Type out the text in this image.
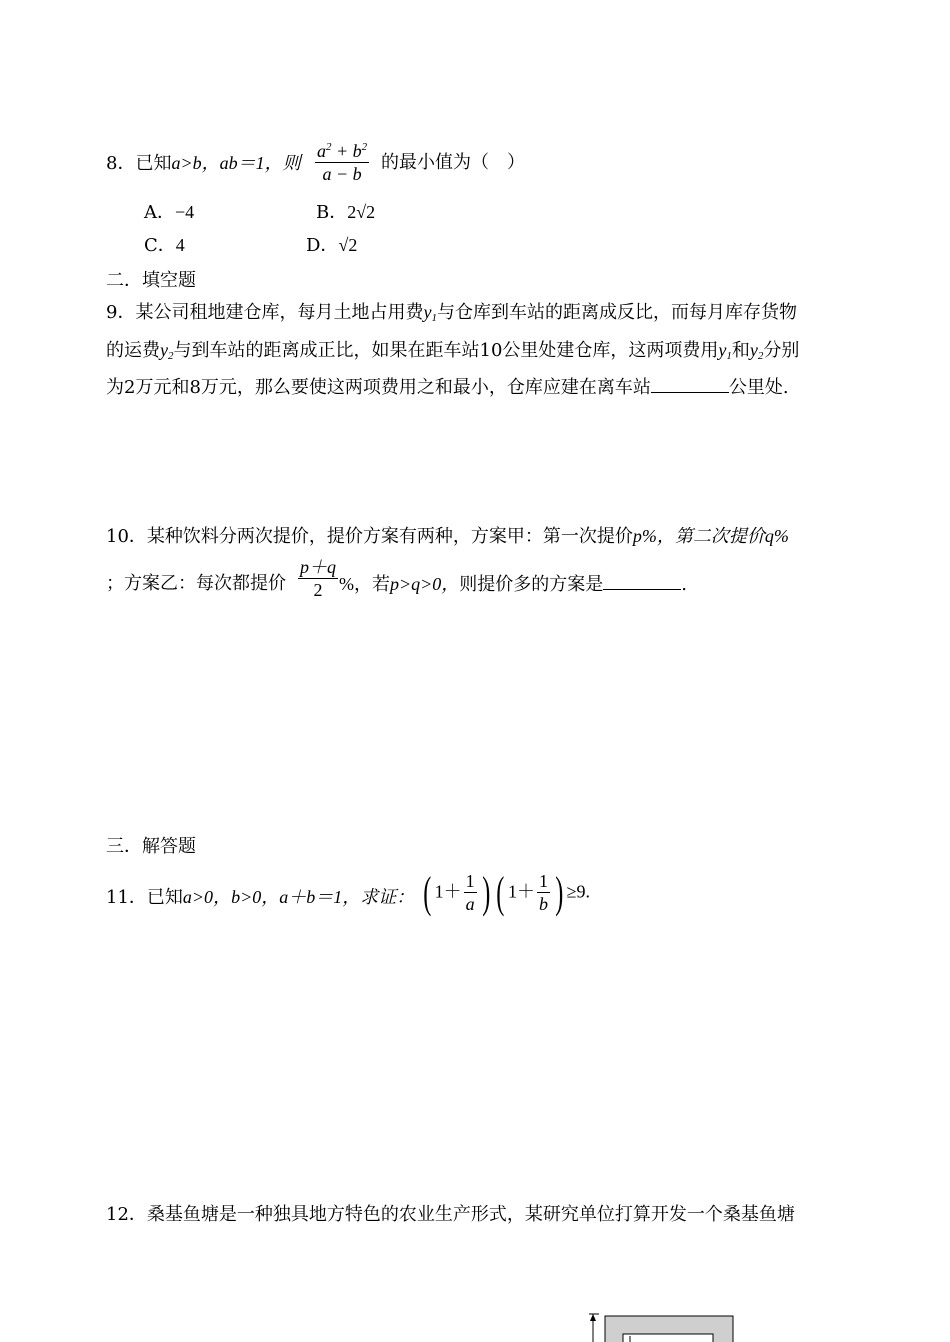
8．已知a>b，ab＝1，则 $\frac{a^2 + b^2}{a - b}$ 的最小值为（　）
A．−4	B．2√2
C．4	D．√2
二．填空题
9．某公司租地建仓库，每月土地占用费$y_1$与仓库到车站的距离成反比，而每月库存货物
的运费$y_2$与到车站的距离成正比，如果在距车站10公里处建仓库，这两项费用$y_1$和$y_2$分别
为2万元和8万元，那么要使这两项费用之和最小，仓库应建在离车站	公里处.
10．某种饮料分两次提价，提价方案有两种，方案甲：第一次提价p%，第二次提价q%
；方案乙：每次都提价 $\frac{p+q}{2}$ %，若p>q>0，则提价多的方案是	.
三．解答题
11．已知a>0，b>0，a＋b＝1，求证： ( $1+ \frac{1}{a}$ ) ( $1+ \frac{1}{b}$ ) ≥9.
12．桑基鱼塘是一种独具地方特色的农业生产形式，某研究单位打算开发一个桑基鱼塘
